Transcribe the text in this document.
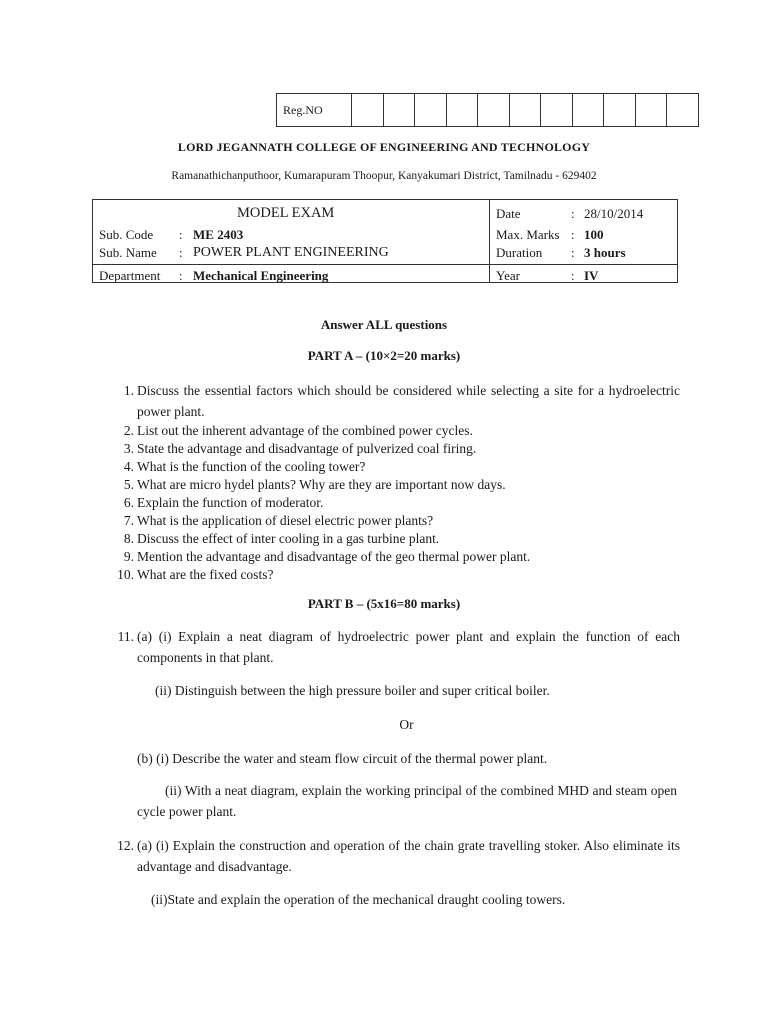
Reg.NO
LORD JEGANNATH COLLEGE OF ENGINEERING AND TECHNOLOGY
Ramanathichanputhoor, Kumarapuram Thoopur, Kanyakumari District, Tamilnadu - 629402
MODEL EXAM
Sub. Code : ME 2403
Sub. Name : POWER PLANT ENGINEERING
Department : Mechanical Engineering
Date	: 28/10/2014
Max. Marks : 100
Duration : 3 hours
Year	: IV
Answer ALL questions
PART A – (10×2=20 marks)
1. Discuss the essential factors which should be considered while selecting a site for a hydroelectric power plant.
2. List out the inherent advantage of the combined power cycles.
3. State the advantage and disadvantage of pulverized coal firing.
4. What is the function of the cooling tower?
5. What are micro hydel plants? Why are they are important now days.
6. Explain the function of moderator.
7. What is the application of diesel electric power plants?
8. Discuss the effect of inter cooling in a gas turbine plant.
9. Mention the advantage and disadvantage of the geo thermal power plant.
10. What are the fixed costs?
PART B – (5x16=80 marks)
11. (a) (i) Explain a neat diagram of hydroelectric power plant and explain the function of each components in that plant.
(ii) Distinguish between the high pressure boiler and super critical boiler.
Or
(b) (i) Describe the water and steam flow circuit of the thermal power plant.
(ii) With a neat diagram, explain the working principal of the combined MHD and steam open cycle power plant.
12. (a) (i) Explain the construction and operation of the chain grate travelling stoker. Also eliminate its advantage and disadvantage.
(ii)State and explain the operation of the mechanical draught cooling towers.
